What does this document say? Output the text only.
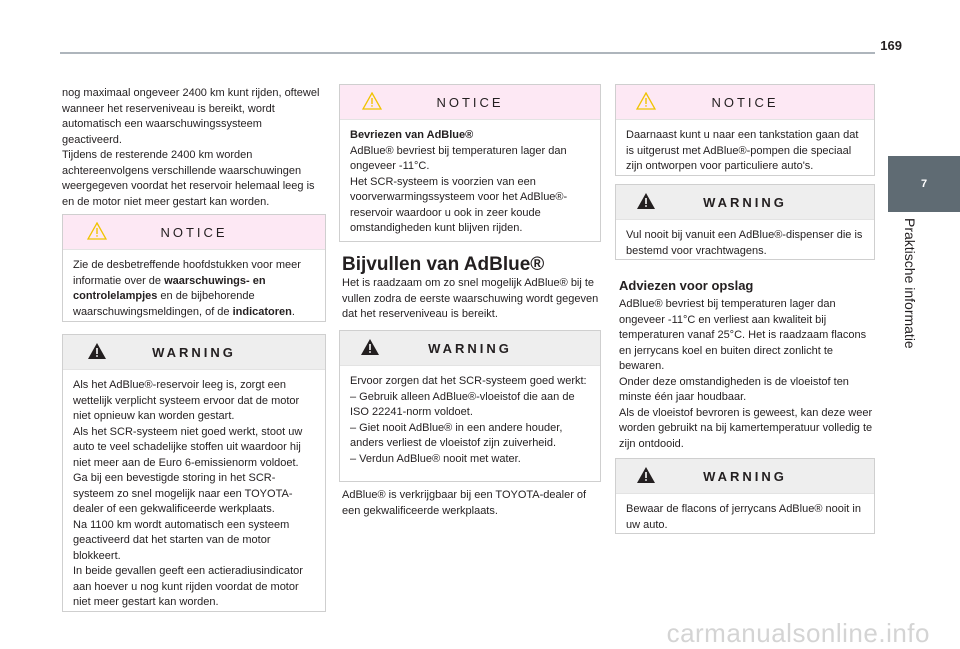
169
7
Praktische informatie

nog maximaal ongeveer 2400 km kunt rijden, oftewel wanneer het reserveniveau is bereikt, wordt automatisch een waarschuwingssysteem geactiveerd.

Tijdens de resterende 2400 km worden achtereenvolgens verschillende waarschuwingen weergegeven voordat het reservoir helemaal leeg is en de motor niet meer gestart kan worden.

NOTICE

Zie de desbetreffende hoofdstukken voor meer informatie over de waarschuwings- en controlelampjes en de bijbehorende waarschuwingsmeldingen, of de indicatoren.

WARNING

Als het AdBlue®-reservoir leeg is, zorgt een wettelijk verplicht systeem ervoor dat de motor niet opnieuw kan worden gestart.

Als het SCR-systeem niet goed werkt, stoot uw auto te veel schadelijke stoffen uit waardoor hij niet meer aan de Euro 6-emissienorm voldoet.

Ga bij een bevestigde storing in het SCR-systeem zo snel mogelijk naar een TOYOTA-dealer of een gekwalificeerde werkplaats.

Na 1100 km wordt automatisch een systeem geactiveerd dat het starten van de motor blokkeert.

In beide gevallen geeft een actieradiusindicator aan hoever u nog kunt rijden voordat de motor niet meer gestart kan worden.

NOTICE

Bevriezen van AdBlue®

AdBlue® bevriest bij temperaturen lager dan ongeveer -11°C.

Het SCR-systeem is voorzien van een voorverwarmingssysteem voor het AdBlue®-reservoir waardoor u ook in zeer koude omstandigheden kunt blijven rijden.

Bijvullen van AdBlue®

Het is raadzaam om zo snel mogelijk AdBlue® bij te vullen zodra de eerste waarschuwing wordt gegeven dat het reserveniveau is bereikt.

WARNING

Ervoor zorgen dat het SCR-systeem goed werkt:

– Gebruik alleen AdBlue®-vloeistof die aan de ISO 22241-norm voldoet.

– Giet nooit AdBlue® in een andere houder, anders verliest de vloeistof zijn zuiverheid.

– Verdun AdBlue® nooit met water.

AdBlue® is verkrijgbaar bij een TOYOTA-dealer of een gekwalificeerde werkplaats.

NOTICE

Daarnaast kunt u naar een tankstation gaan dat is uitgerust met AdBlue®-pompen die speciaal zijn ontworpen voor particuliere auto's.

WARNING

Vul nooit bij vanuit een AdBlue®-dispenser die is bestemd voor vrachtwagens.

Adviezen voor opslag

AdBlue® bevriest bij temperaturen lager dan ongeveer -11°C en verliest aan kwaliteit bij temperaturen vanaf 25°C. Het is raadzaam flacons en jerrycans koel en buiten direct zonlicht te bewaren.

Onder deze omstandigheden is de vloeistof ten minste één jaar houdbaar.

Als de vloeistof bevroren is geweest, kan deze weer worden gebruikt na bij kamertemperatuur volledig te zijn ontdooid.

WARNING

Bewaar de flacons of jerrycans AdBlue® nooit in uw auto.

carmanualsonline.info
